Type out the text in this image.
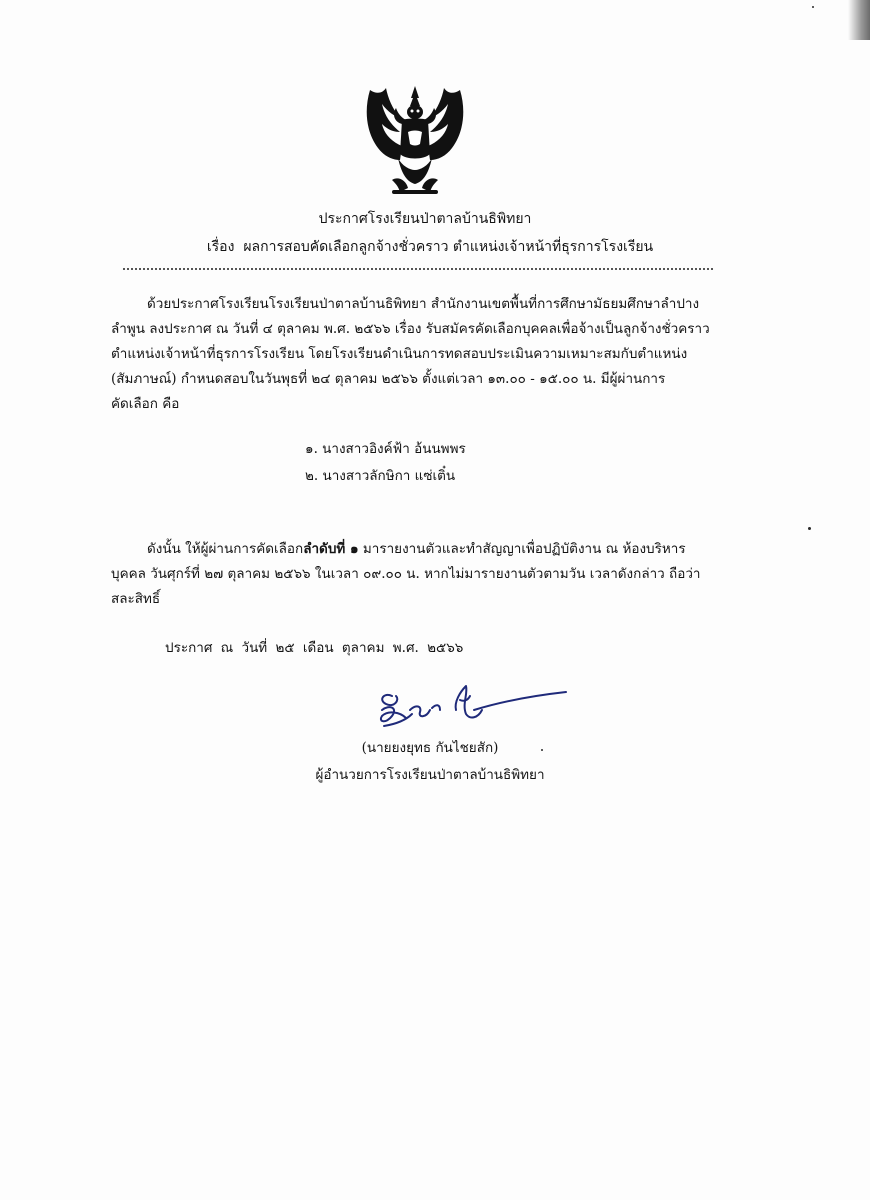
ประกาศโรงเรียนป่าตาลบ้านธิพิทยา
เรื่อง ผลการสอบคัดเลือกลูกจ้างชั่วคราว ตำแหน่งเจ้าหน้าที่ธุรการโรงเรียน

ด้วยประกาศโรงเรียนโรงเรียนป่าตาลบ้านธิพิทยา สำนักงานเขตพื้นที่การศึกษามัธยมศึกษาลำปาง

ลำพูน ลงประกาศ ณ วันที่ ๔ ตุลาคม พ.ศ. ๒๕๖๖ เรื่อง รับสมัครคัดเลือกบุคคลเพื่อจ้างเป็นลูกจ้างชั่วคราว

ตำแหน่งเจ้าหน้าที่ธุรการโรงเรียน โดยโรงเรียนดำเนินการทดสอบประเมินความเหมาะสมกับตำแหน่ง

(สัมภาษณ์) กำหนดสอบในวันพุธที่ ๒๔ ตุลาคม ๒๕๖๖ ตั้งแต่เวลา ๑๓.๐๐ - ๑๕.๐๐ น. มีผู้ผ่านการ

คัดเลือก คือ

๑. นางสาวอิงค์ฟ้า อ้นนพพร
๒. นางสาวลักษิกา แซ่เติ๋น

ดังนั้น ให้ผู้ผ่านการคัดเลือกลำดับที่ ๑ มารายงานตัวและทำสัญญาเพื่อปฏิบัติงาน ณ ห้องบริหาร

บุคคล วันศุกร์ที่ ๒๗ ตุลาคม ๒๕๖๖ ในเวลา ๐๙.๐๐ น. หากไม่มารายงานตัวตามวัน เวลาดังกล่าว ถือว่า

สละสิทธิ์

ประกาศ ณ วันที่ ๒๕ เดือน ตุลาคม พ.ศ. ๒๕๖๖
(นายยงยุทธ กันไชยสัก)
ผู้อำนวยการโรงเรียนป่าตาลบ้านธิพิทยา
